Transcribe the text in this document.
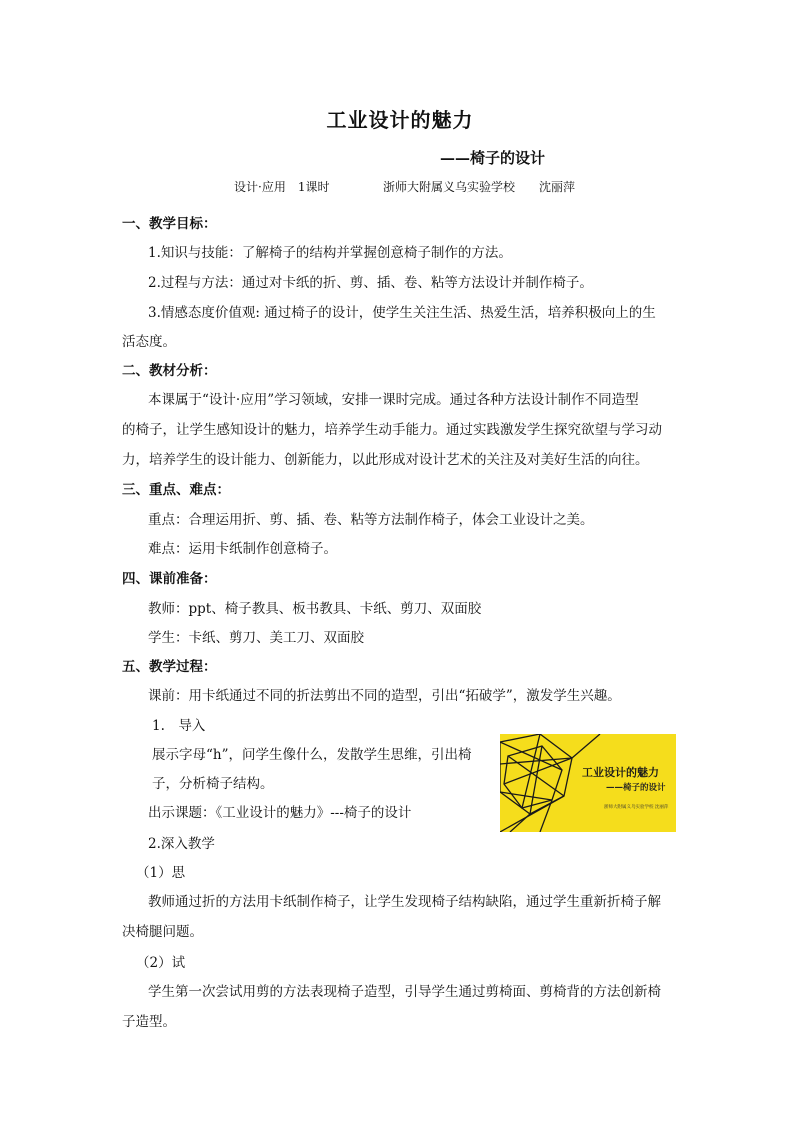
工业设计的魅力
——椅子的设计
设计·应用　1课时	浙师大附属义乌实验学校　　沈丽萍
一、教学目标：
1.知识与技能：了解椅子的结构并掌握创意椅子制作的方法。
2.过程与方法：通过对卡纸的折、剪、插、卷、粘等方法设计并制作椅子。
3.情感态度价值观: 通过椅子的设计，使学生关注生活、热爱生活，培养积极向上的生
活态度。
二、教材分析：
本课属于“设计·应用”学习领域，安排一课时完成。通过各种方法设计制作不同造型
的椅子，让学生感知设计的魅力，培养学生动手能力。通过实践激发学生探究欲望与学习动
力，培养学生的设计能力、创新能力，以此形成对设计艺术的关注及对美好生活的向往。
三、重点、难点：
重点：合理运用折、剪、插、卷、粘等方法制作椅子，体会工业设计之美。
难点：运用卡纸制作创意椅子。
四、课前准备：
教师：ppt、椅子教具、板书教具、卡纸、剪刀、双面胶
学生：卡纸、剪刀、美工刀、双面胶
五、教学过程：
课前：用卡纸通过不同的折法剪出不同的造型，引出“拓破学”，激发学生兴趣。
1.　导入
展示字母“h”，问学生像什么，发散学生思维，引出椅
子，分析椅子结构。
出示课题：《工业设计的魅力》---椅子的设计
2.深入教学
（1）思
教师通过折的方法用卡纸制作椅子，让学生发现椅子结构缺陷，通过学生重新折椅子解
决椅腿问题。
（2）试
学生第一次尝试用剪的方法表现椅子造型，引导学生通过剪椅面、剪椅背的方法创新椅
子造型。
工业设计的魅力
——椅子的设计
浙师大附属义乌实验学校 沈丽萍
